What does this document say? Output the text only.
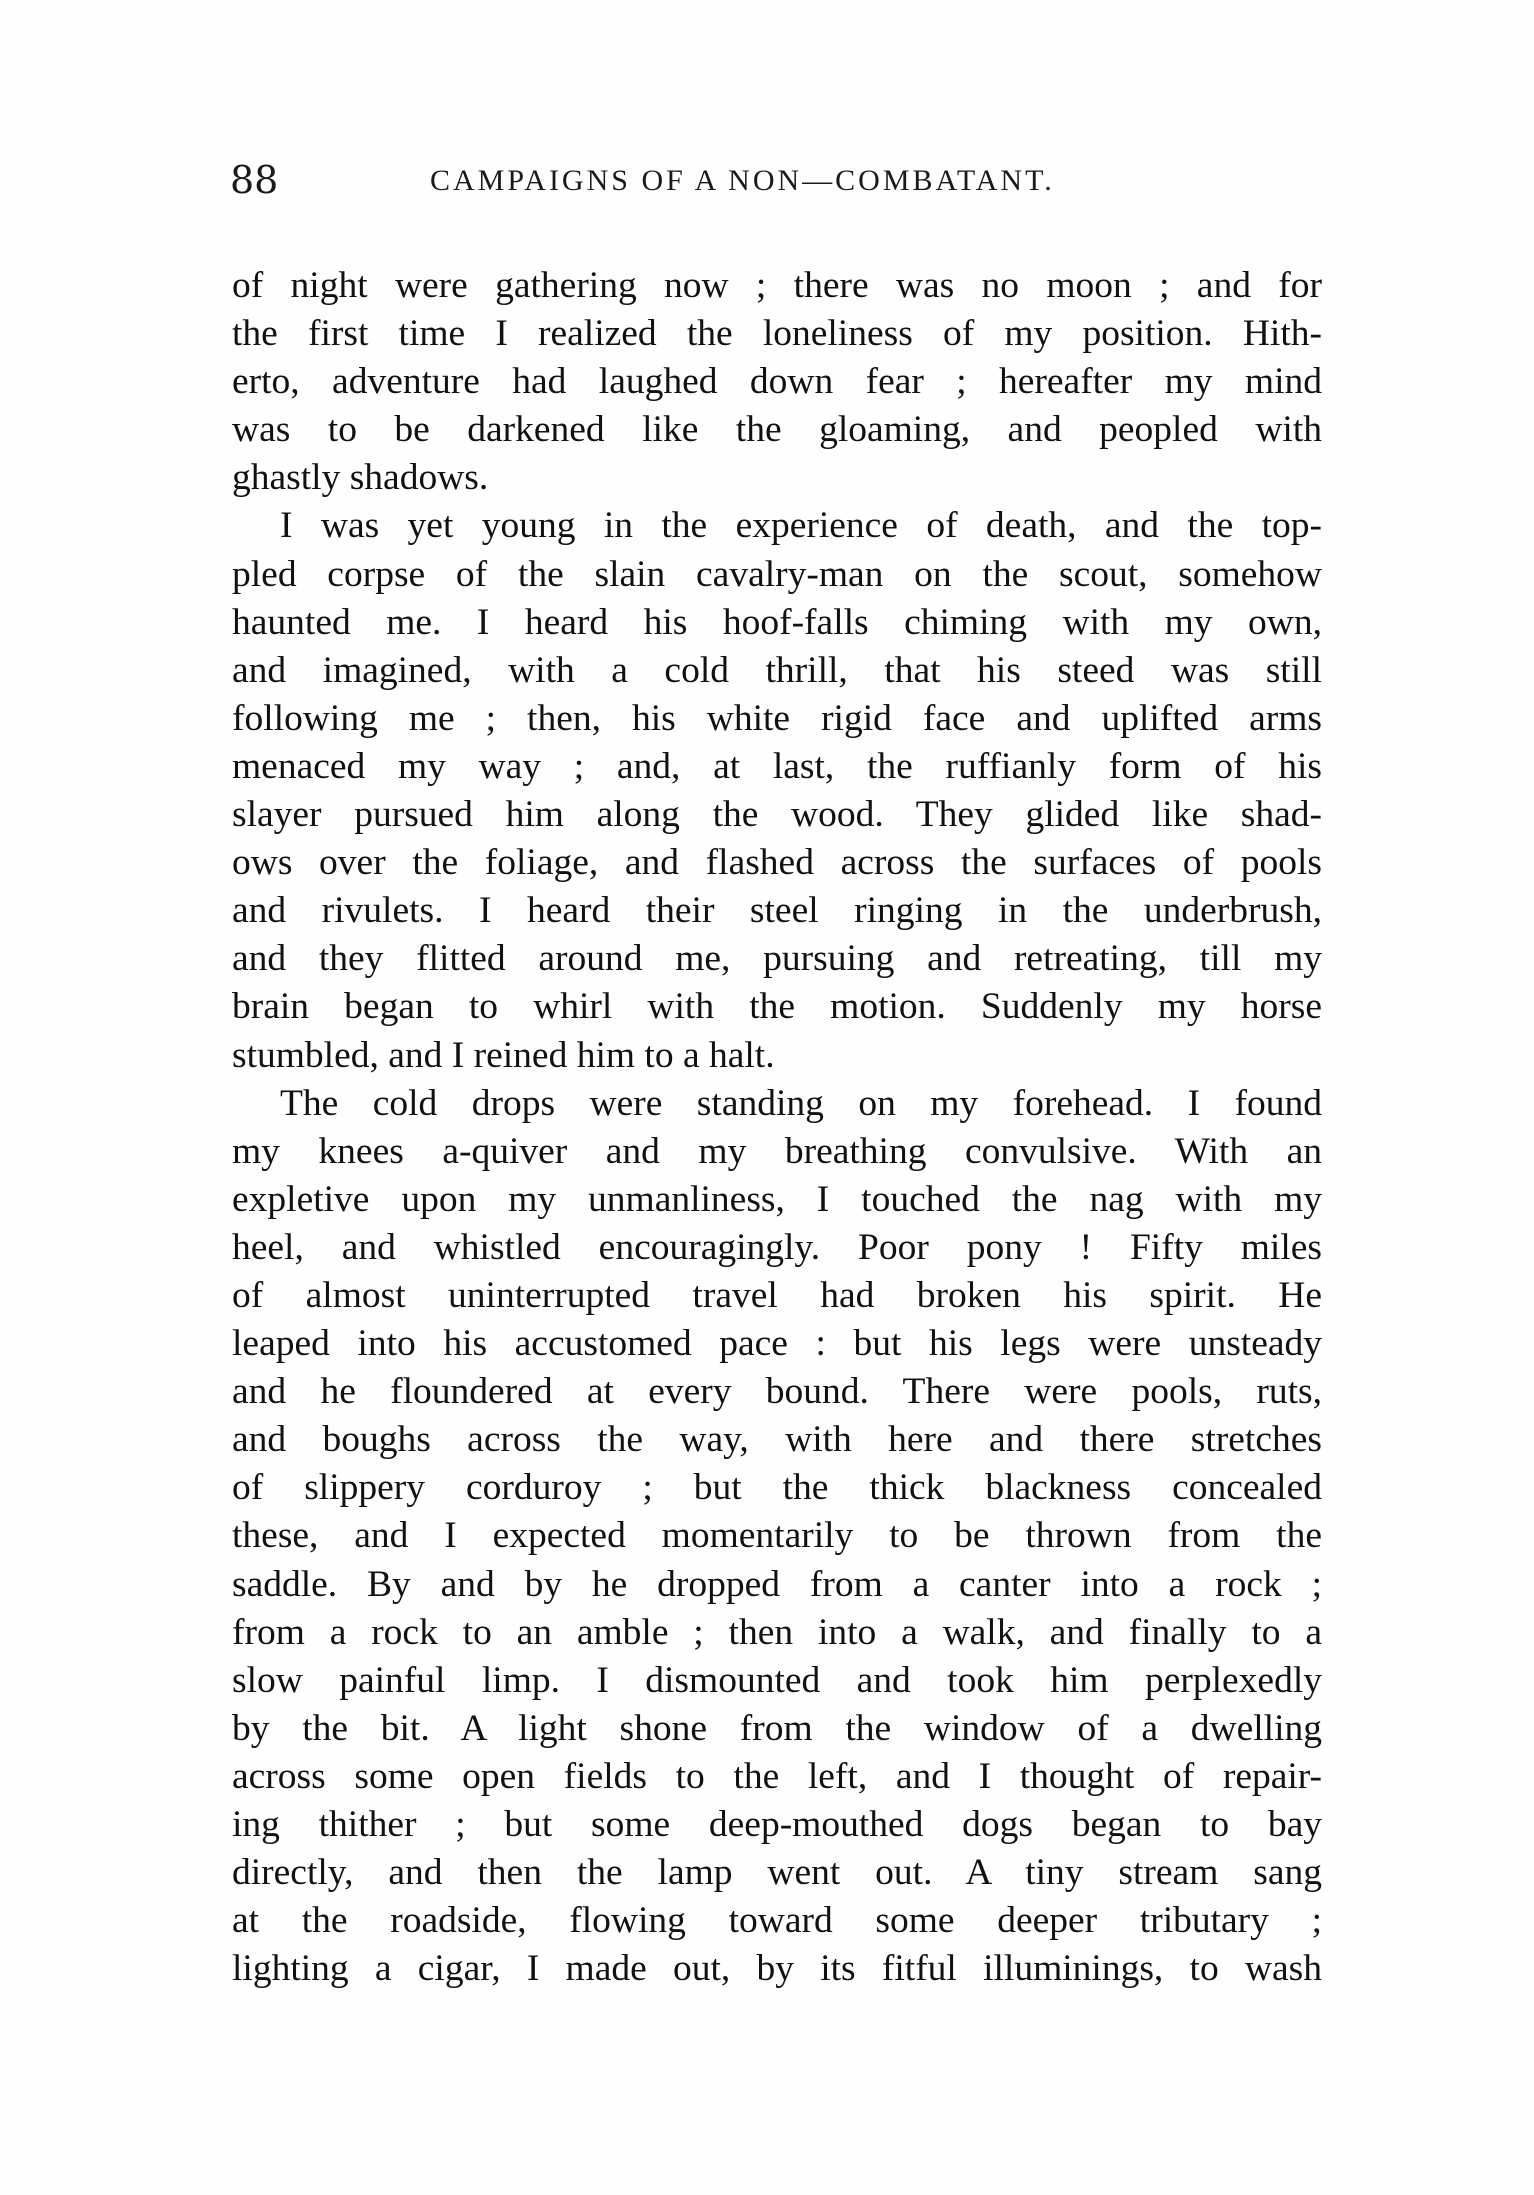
88	CAMPAIGNS OF A NON—COMBATANT.
of night were gathering now ; there was no moon ; and for
the first time I realized the loneliness of my position. Hith-
erto, adventure had laughed down fear ; hereafter my mind
was to be darkened like the gloaming, and peopled with
ghastly shadows.
I was yet young in the experience of death, and the top-
pled corpse of the slain cavalry-man on the scout, somehow
haunted me. I heard his hoof-falls chiming with my own,
and imagined, with a cold thrill, that his steed was still
following me ; then, his white rigid face and uplifted arms
menaced my way ; and, at last, the ruffianly form of his
slayer pursued him along the wood. They glided like shad-
ows over the foliage, and flashed across the surfaces of pools
and rivulets. I heard their steel ringing in the underbrush,
and they flitted around me, pursuing and retreating, till my
brain began to whirl with the motion. Suddenly my horse
stumbled, and I reined him to a halt.
The cold drops were standing on my forehead. I found
my knees a-quiver and my breathing convulsive. With an
expletive upon my unmanliness, I touched the nag with my
heel, and whistled encouragingly. Poor pony ! Fifty miles
of almost uninterrupted travel had broken his spirit. He
leaped into his accustomed pace : but his legs were unsteady
and he floundered at every bound. There were pools, ruts,
and boughs across the way, with here and there stretches
of slippery corduroy ; but the thick blackness concealed
these, and I expected momentarily to be thrown from the
saddle. By and by he dropped from a canter into a rock ;
from a rock to an amble ; then into a walk, and finally to a
slow painful limp. I dismounted and took him perplexedly
by the bit. A light shone from the window of a dwelling
across some open fields to the left, and I thought of repair-
ing thither ; but some deep-mouthed dogs began to bay
directly, and then the lamp went out. A tiny stream sang
at the roadside, flowing toward some deeper tributary ;
lighting a cigar, I made out, by its fitful illuminings, to wash
